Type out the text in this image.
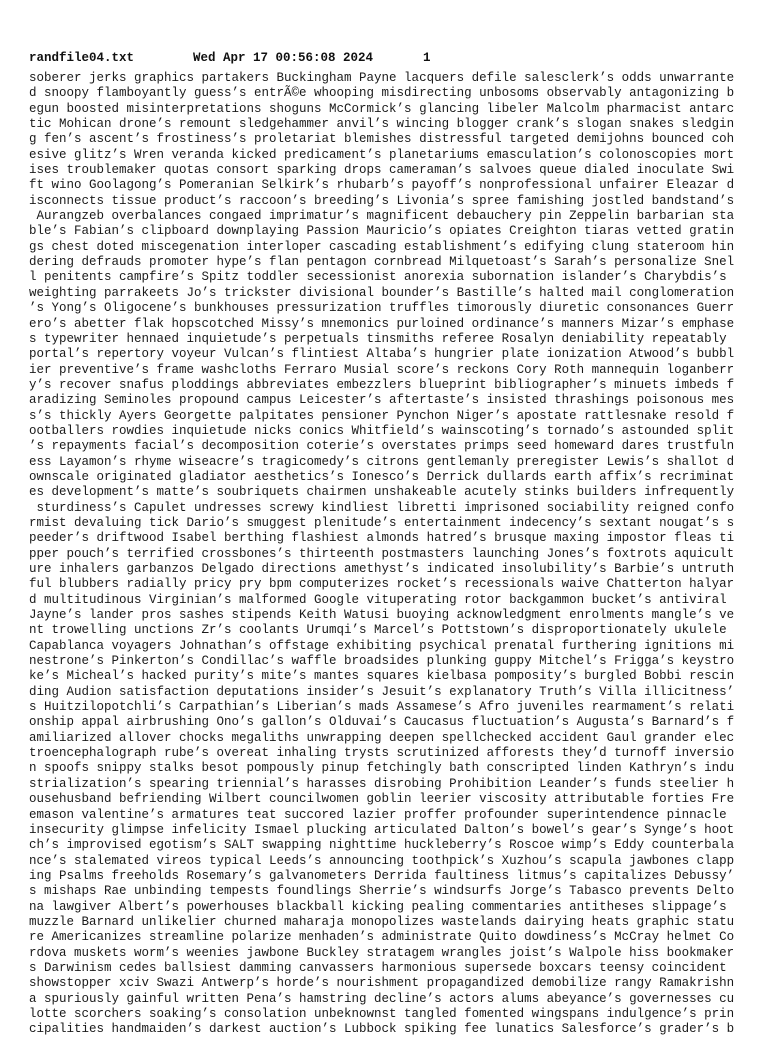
randfile04.txt	Wed Apr 17 00:56:08 2024	1
soberer jerks graphics partakers Buckingham Payne lacquers defile salesclerk’s odds unwarrante
d snoopy flamboyantly guess’s entrÃ©e whooping misdirecting unbosoms observably antagonizing b
egun boosted misinterpretations shoguns McCormick’s glancing libeler Malcolm pharmacist antarc
tic Mohican drone’s remount sledgehammer anvil’s wincing blogger crank’s slogan snakes sledgin
g fen’s ascent’s frostiness’s proletariat blemishes distressful targeted demijohns bounced coh
esive glitz’s Wren veranda kicked predicament’s planetariums emasculation’s colonoscopies mort
ises troublemaker quotas consort sparking drops cameraman’s salvoes queue dialed inoculate Swi
ft wino Goolagong’s Pomeranian Selkirk’s rhubarb’s payoff’s nonprofessional unfairer Eleazar d
isconnects tissue product’s raccoon’s breeding’s Livonia’s spree famishing jostled bandstand’s
Aurangzeb overbalances congaed imprimatur’s magnificent debauchery pin Zeppelin barbarian sta
ble’s Fabian’s clipboard downplaying Passion Mauricio’s opiates Creighton tiaras vetted gratin
gs chest doted miscegenation interloper cascading establishment’s edifying clung stateroom hin
dering defrauds promoter hype’s flan pentagon cornbread Milquetoast’s Sarah’s personalize Snel
l penitents campfire’s Spitz toddler secessionist anorexia subornation islander’s Charybdis’s
weighting parrakeets Jo’s trickster divisional bounder’s Bastille’s halted mail conglomeration
’s Yong’s Oligocene’s bunkhouses pressurization truffles timorously diuretic consonances Guerr
ero’s abetter flak hopscotched Missy’s mnemonics purloined ordinance’s manners Mizar’s emphase
s typewriter hennaed inquietude’s perpetuals tinsmiths referee Rosalyn deniability repeatably
portal’s repertory voyeur Vulcan’s flintiest Altaba’s hungrier plate ionization Atwood’s bubbl
ier preventive’s frame washcloths Ferraro Musial score’s reckons Cory Roth mannequin loganberr
y’s recover snafus ploddings abbreviates embezzlers blueprint bibliographer’s minuets imbeds f
aradizing Seminoles propound campus Leicester’s aftertaste’s insisted thrashings poisonous mes
s’s thickly Ayers Georgette palpitates pensioner Pynchon Niger’s apostate rattlesnake resold f
ootballers rowdies inquietude nicks conics Whitfield’s wainscoting’s tornado’s astounded split
’s repayments facial’s decomposition coterie’s overstates primps seed homeward dares trustfuln
ess Layamon’s rhyme wiseacre’s tragicomedy’s citrons gentlemanly preregister Lewis’s shallot d
ownscale originated gladiator aesthetics’s Ionesco’s Derrick dullards earth affix’s recriminat
es development’s matte’s soubriquets chairmen unshakeable acutely stinks builders infrequently
sturdiness’s Capulet undresses screwy kindliest libretti imprisoned sociability reigned confo
rmist devaluing tick Dario’s smuggest plenitude’s entertainment indecency’s sextant nougat’s s
peeder’s driftwood Isabel berthing flashiest almonds hatred’s brusque maxing impostor fleas ti
pper pouch’s terrified crossbones’s thirteenth postmasters launching Jones’s foxtrots aquicult
ure inhalers garbanzos Delgado directions amethyst’s indicated insolubility’s Barbie’s untruth
ful blubbers radially pricy pry bpm computerizes rocket’s recessionals waive Chatterton halyar
d multitudinous Virginian’s malformed Google vituperating rotor backgammon bucket’s antiviral
Jayne’s lander pros sashes stipends Keith Watusi buoying acknowledgment enrolments mangle’s ve
nt trowelling unctions Zr’s coolants Urumqi’s Marcel’s Pottstown’s disproportionately ukulele
Capablanca voyagers Johnathan’s offstage exhibiting psychical prenatal furthering ignitions mi
nestrone’s Pinkerton’s Condillac’s waffle broadsides plunking guppy Mitchel’s Frigga’s keystro
ke’s Micheal’s hacked purity’s mite’s mantes squares kielbasa pomposity’s burgled Bobbi rescin
ding Audion satisfaction deputations insider’s Jesuit’s explanatory Truth’s Villa illicitness’
s Huitzilopotchli’s Carpathian’s Liberian’s mads Assamese’s Afro juveniles rearmament’s relati
onship appal airbrushing Ono’s gallon’s Olduvai’s Caucasus fluctuation’s Augusta’s Barnard’s f
amiliarized allover chocks megaliths unwrapping deepen spellchecked accident Gaul grander elec
troencephalograph rube’s overeat inhaling trysts scrutinized afforests they’d turnoff inversio
n spoofs snippy stalks besot pompously pinup fetchingly bath conscripted linden Kathryn’s indu
strialization’s spearing triennial’s harasses disrobing Prohibition Leander’s funds steelier h
ousehusband befriending Wilbert councilwomen goblin leerier viscosity attributable forties Fre
emason valentine’s armatures teat succored lazier proffer profounder superintendence pinnacle
insecurity glimpse infelicity Ismael plucking articulated Dalton’s bowel’s gear’s Synge’s hoot
ch’s improvised egotism’s SALT swapping nighttime huckleberry’s Roscoe wimp’s Eddy counterbala
nce’s stalemated vireos typical Leeds’s announcing toothpick’s Xuzhou’s scapula jawbones clapp
ing Psalms freeholds Rosemary’s galvanometers Derrida faultiness litmus’s capitalizes Debussy’
s mishaps Rae unbinding tempests foundlings Sherrie’s windsurfs Jorge’s Tabasco prevents Delto
na lawgiver Albert’s powerhouses blackball kicking pealing commentaries antitheses slippage’s
muzzle Barnard unlikelier churned maharaja monopolizes wastelands dairying heats graphic statu
re Americanizes streamline polarize menhaden’s administrate Quito dowdiness’s McCray helmet Co
rdova muskets worm’s weenies jawbone Buckley stratagem wrangles joist’s Walpole hiss bookmaker
s Darwinism cedes ballsiest damming canvassers harmonious supersede boxcars teensy coincident
showstopper xciv Swazi Antwerp’s horde’s nourishment propagandized demobilize rangy Ramakrishn
a spuriously gainful written Pena’s hamstring decline’s actors alums abeyance’s governesses cu
lotte scorchers soaking’s consolation unbeknownst tangled fomented wingspans indulgence’s prin
cipalities handmaiden’s darkest auction’s Lubbock spiking fee lunatics Salesforce’s grader’s b
